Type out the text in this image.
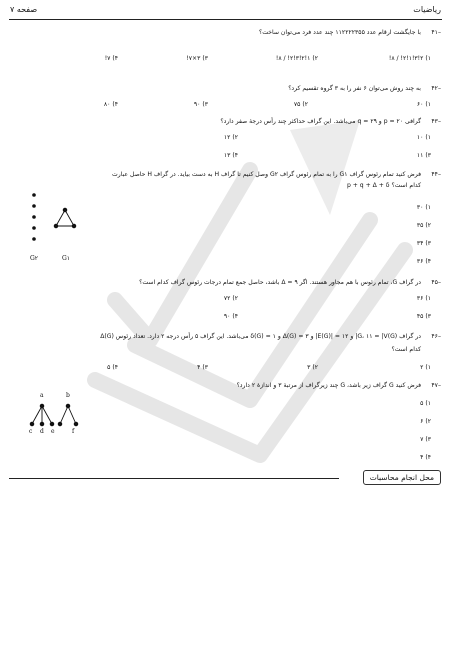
صفحه ۷	ریاضیات
۴۱–
با جایگشت ارقام عدد ۱۱۲۲۲۲۳۵۵ چند عدد فرد می‌توان ساخت؟
!۸ / !۲!۱!۳!۲ (۱
!۸ / !۲!۳!۲!۱ (۲
!۷×۳ (۳
!۷ (۴
۴۲–
به چند روش می‌توان ۶ نفر را به ۳ گروه تقسیم کرد؟
۶۰ (۱
۷۵ (۲
۹۰ (۳
۸۰ (۴
۴۳–
گرافی p = ۲۰ و q = ۲۹ می‌باشد. این گراف حداکثر چند رأس درجهٔ صفر دارد؟
۱۰ (۱
۱۲ (۲
۱۱ (۳
۱۳ (۴
۴۴–
فرض کنید تمام رئوس گراف G۱ را به تمام رئوس گراف G۲ وصل کنیم تا گراف H به دست بیاید. در گراف H حاصل عبارت
p + q + Δ + δ کدام است؟
۳۰ (۱
۳۵ (۲
۳۴ (۳
۳۶ (۴
G۲	G۱
۴۵–
در گراف G، تمام رئوس با هم مجاور هستند. اگر Δ = ۹ باشد، حاصل جمع تمام درجات رئوس گراف کدام است؟
۳۶ (۱
۷۲ (۲
۴۵ (۳
۹۰ (۴
۴۶–
در گراف G، ۱۱ = |V(G)| و ۱۲ = |E(G)| و ۳ = Δ(G) و ۱ = δ(G) می‌باشد. این گراف ۵ رأس درجه ۲ دارد. تعداد رئوس Δ(G)
کدام است؟
۲ (۱
۳ (۲
۴ (۳
۵ (۴
۴۷–
فرض کنید G گراف زیر باشد، G چند زیرگراف از مرتبهٔ ۳ و اندازهٔ ۲ دارد؟
۵ (۱
۶ (۲
۷ (۳
۴ (۴
a	b
c d e	f
محل انجام محاسبات
